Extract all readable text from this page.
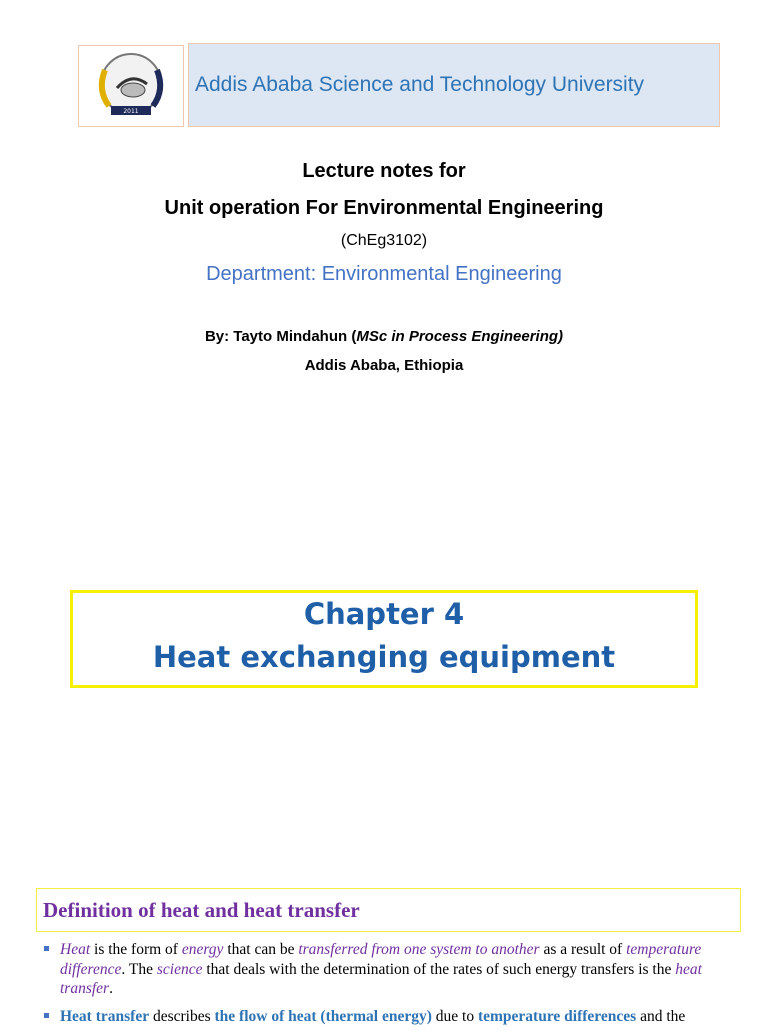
2011
Addis Ababa Science and Technology University
Lecture notes for
Unit operation For Environmental Engineering
(ChEg3102)
Department: Environmental Engineering
By: Tayto Mindahun (MSc in Process Engineering)
Addis Ababa, Ethiopia
Chapter 4
Heat exchanging equipment
Definition of heat and heat transfer
Heat is the form of energy that can be transferred from one system to another as a result of temperature difference. The science that deals with the determination of the rates of such energy transfers is the heat transfer.
Heat transfer describes the flow of heat (thermal energy) due to temperature differences and the
